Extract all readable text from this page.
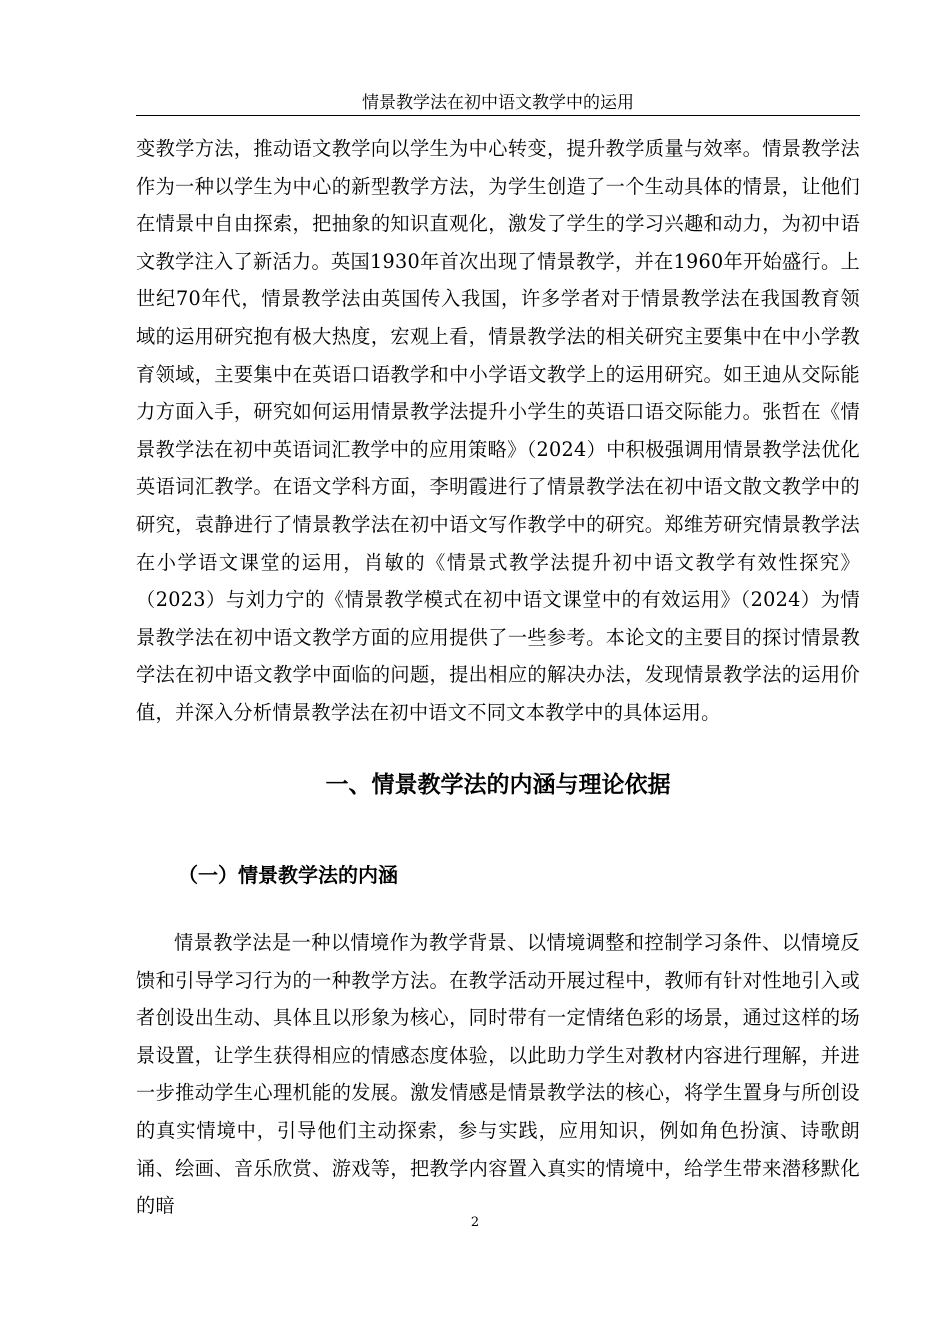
情景教学法在初中语文教学中的运用

变教学方法，推动语文教学向以学生为中心转变，提升教学质量与效率。情景教学法作为一种以学生为中心的新型教学方法，为学生创造了一个生动具体的情景，让他们在情景中自由探索，把抽象的知识直观化，激发了学生的学习兴趣和动力，为初中语文教学注入了新活力。英国1930年首次出现了情景教学，并在1960年开始盛行。上世纪70年代，情景教学法由英国传入我国，许多学者对于情景教学法在我国教育领域的运用研究抱有极大热度，宏观上看，情景教学法的相关研究主要集中在中小学教育领域，主要集中在英语口语教学和中小学语文教学上的运用研究。如王迪从交际能力方面入手，研究如何运用情景教学法提升小学生的英语口语交际能力。张哲在《情景教学法在初中英语词汇教学中的应用策略》（2024）中积极强调用情景教学法优化英语词汇教学。在语文学科方面，李明霞进行了情景教学法在初中语文散文教学中的研究，袁静进行了情景教学法在初中语文写作教学中的研究。郑维芳研究情景教学法在小学语文课堂的运用，肖敏的《情景式教学法提升初中语文教学有效性探究》（2023）与刘力宁的《情景教学模式在初中语文课堂中的有效运用》（2024）为情景教学法在初中语文教学方面的应用提供了一些参考。本论文的主要目的探讨情景教学法在初中语文教学中面临的问题，提出相应的解决办法，发现情景教学法的运用价值，并深入分析情景教学法在初中语文不同文本教学中的具体运用。

一、情景教学法的内涵与理论依据
（一）情景教学法的内涵

情景教学法是一种以情境作为教学背景、以情境调整和控制学习条件、以情境反馈和引导学习行为的一种教学方法。在教学活动开展过程中，教师有针对性地引入或者创设出生动、具体且以形象为核心，同时带有一定情绪色彩的场景，通过这样的场景设置，让学生获得相应的情感态度体验，以此助力学生对教材内容进行理解，并进一步推动学生心理机能的发展。激发情感是情景教学法的核心，将学生置身与所创设的真实情境中，引导他们主动探索，参与实践，应用知识，例如角色扮演、诗歌朗诵、绘画、音乐欣赏、游戏等，把教学内容置入真实的情境中，给学生带来潜移默化的暗

2
